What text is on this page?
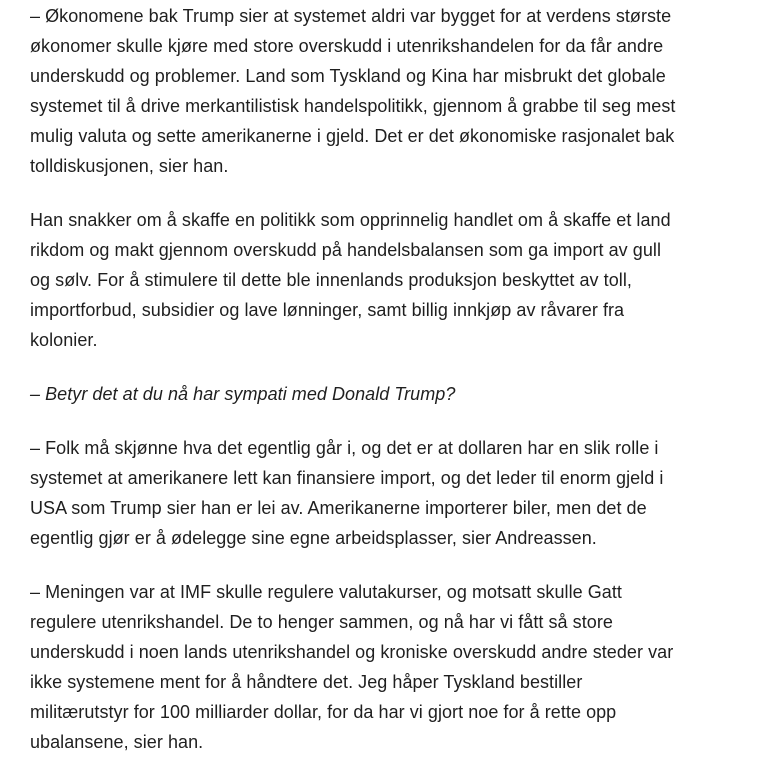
– Økonomene bak Trump sier at systemet aldri var bygget for at verdens største
økonomer skulle kjøre med store overskudd i utenrikshandelen for da får andre
underskudd og problemer. Land som Tyskland og Kina har misbrukt det globale
systemet til å drive merkantilistisk handelspolitikk, gjennom å grabbe til seg mest
mulig valuta og sette amerikanerne i gjeld. Det er det økonomiske rasjonalet bak
tolldiskusjonen, sier han.

Han snakker om å skaffe en politikk som opprinnelig handlet om å skaffe et land
rikdom og makt gjennom overskudd på handelsbalansen som ga import av gull
og sølv. For å stimulere til dette ble innenlands produksjon beskyttet av toll,
importforbud, subsidier og lave lønninger, samt billig innkjøp av råvarer fra
kolonier.

– Betyr det at du nå har sympati med Donald Trump?

– Folk må skjønne hva det egentlig går i, og det er at dollaren har en slik rolle i
systemet at amerikanere lett kan finansiere import, og det leder til enorm gjeld i
USA som Trump sier han er lei av. Amerikanerne importerer biler, men det de
egentlig gjør er å ødelegge sine egne arbeidsplasser, sier Andreassen.

– Meningen var at IMF skulle regulere valutakurser, og motsatt skulle Gatt
regulere utenrikshandel. De to henger sammen, og nå har vi fått så store
underskudd i noen lands utenrikshandel og kroniske overskudd andre steder var
ikke systemene ment for å håndtere det. Jeg håper Tyskland bestiller
militærutstyr for 100 milliarder dollar, for da har vi gjort noe for å rette opp
ubalansene, sier han.
